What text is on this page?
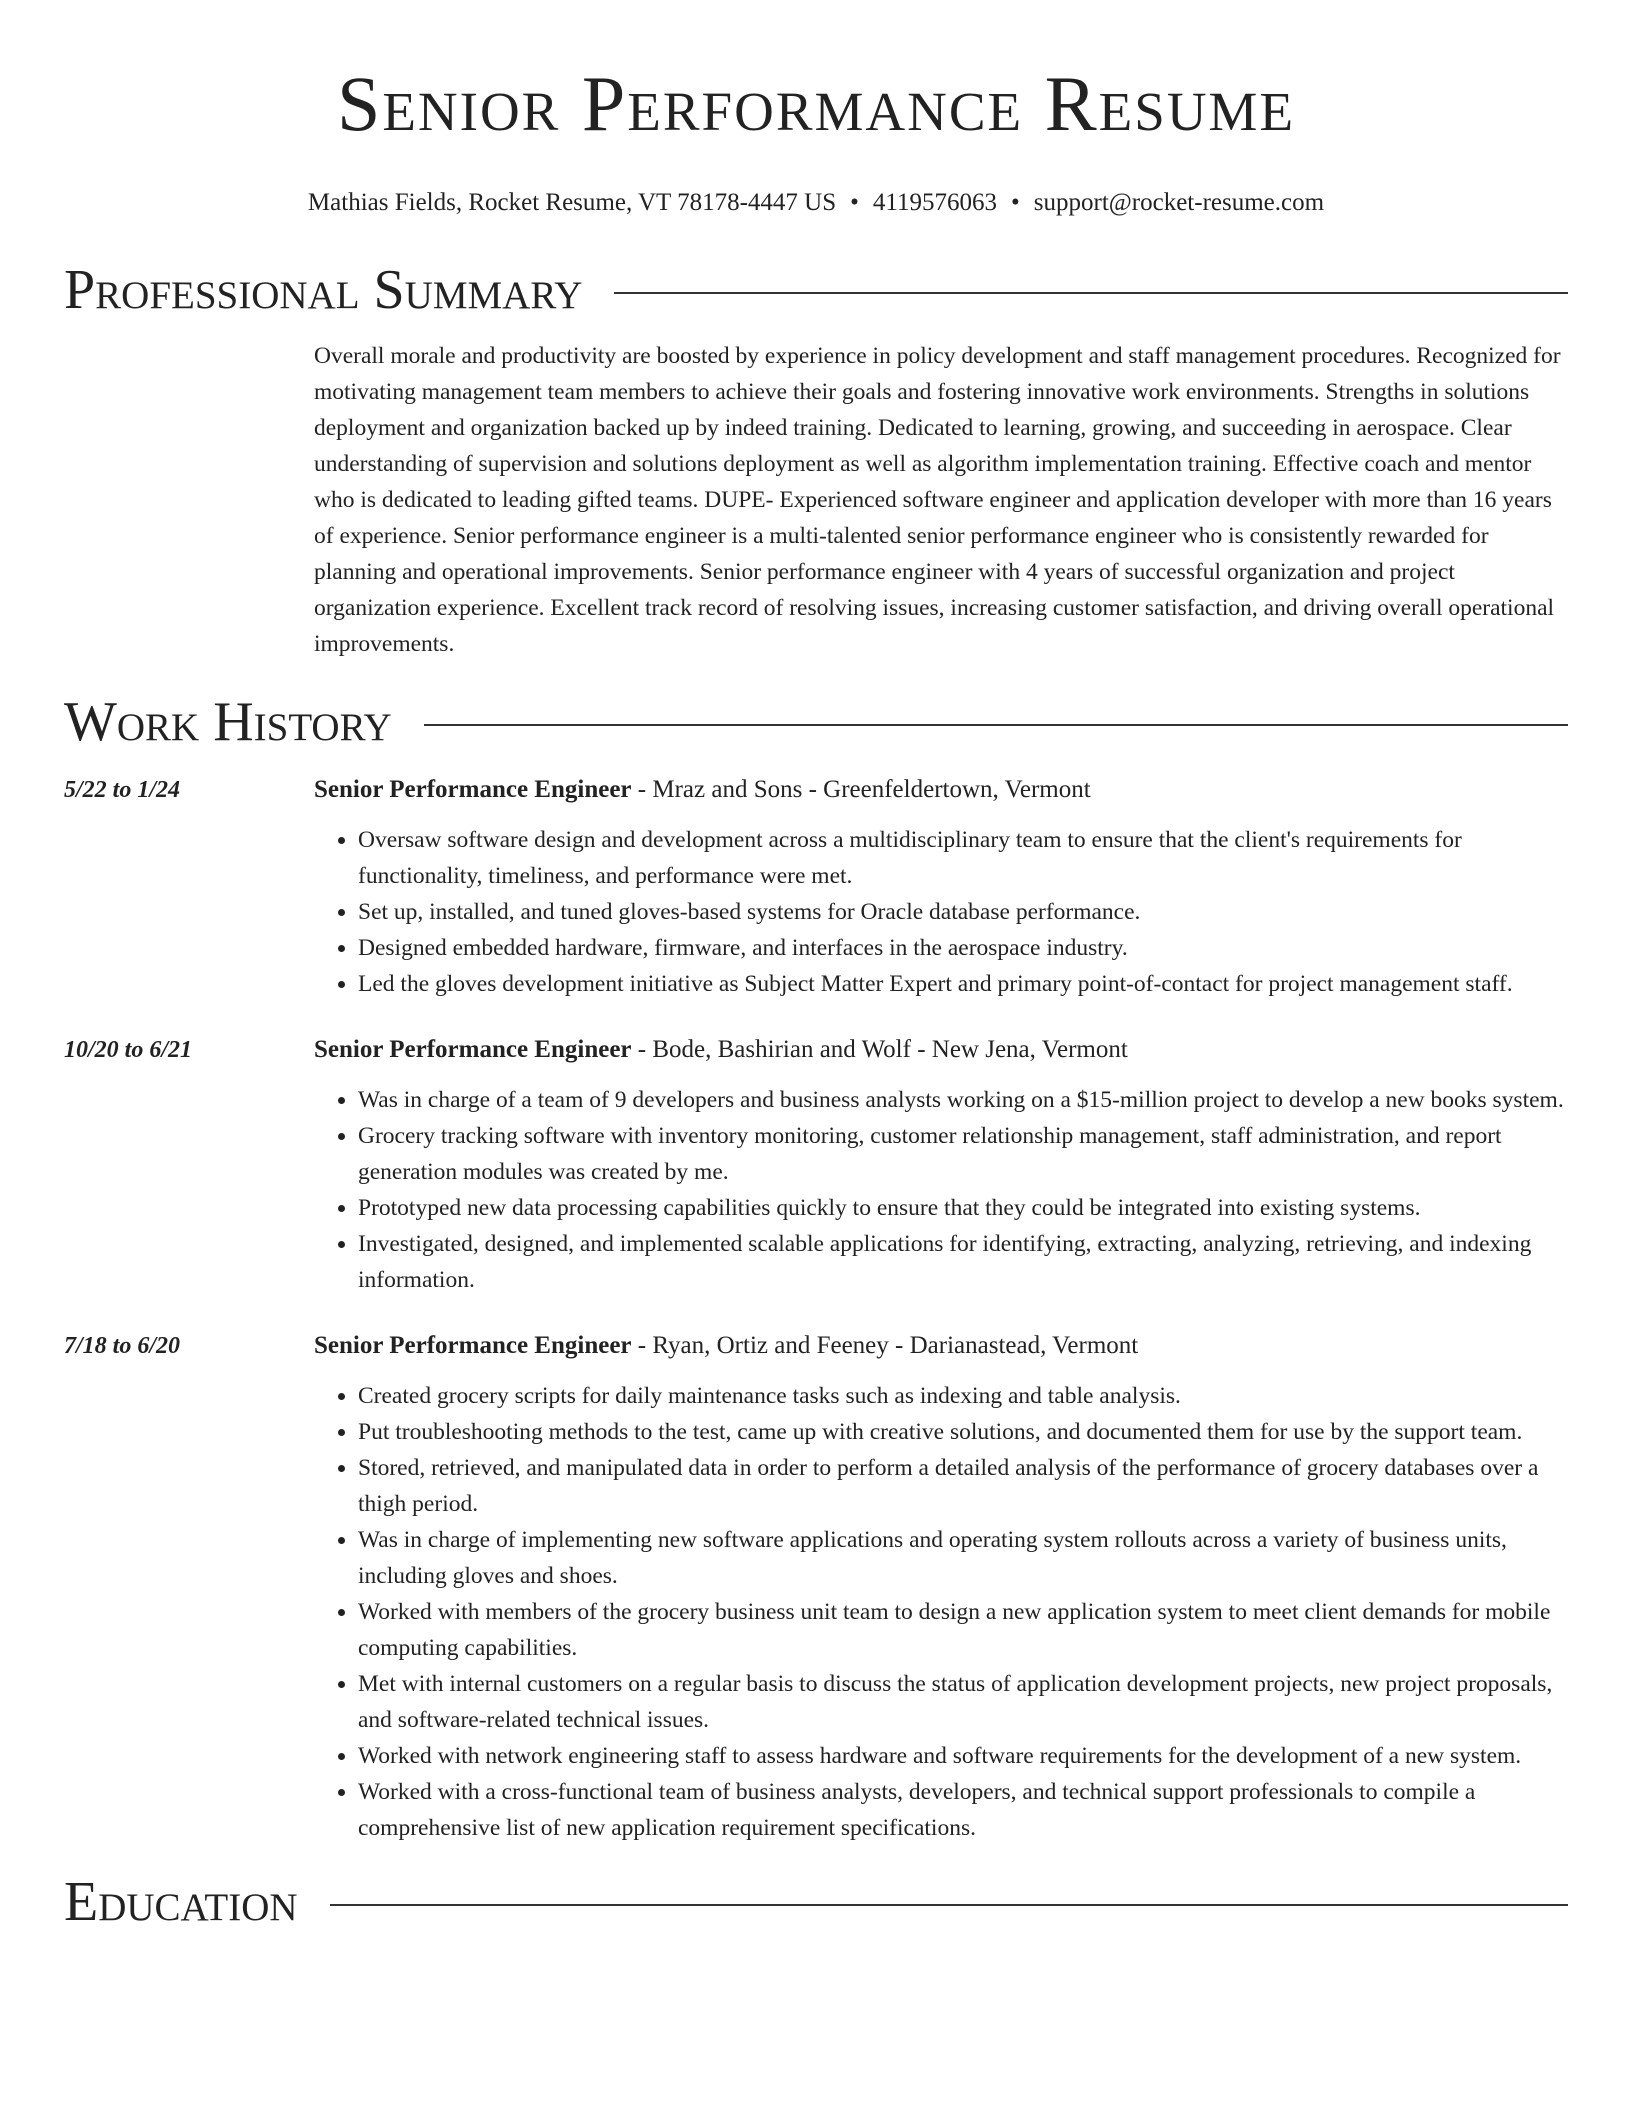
Senior Performance Resume
Mathias Fields, Rocket Resume, VT 78178-4447 US • 4119576063 • support@rocket-resume.com
Professional Summary
Overall morale and productivity are boosted by experience in policy development and staff management procedures. Recognized for motivating management team members to achieve their goals and fostering innovative work environments. Strengths in solutions deployment and organization backed up by indeed training. Dedicated to learning, growing, and succeeding in aerospace. Clear understanding of supervision and solutions deployment as well as algorithm implementation training. Effective coach and mentor who is dedicated to leading gifted teams. DUPE- Experienced software engineer and application developer with more than 16 years of experience. Senior performance engineer is a multi-talented senior performance engineer who is consistently rewarded for planning and operational improvements. Senior performance engineer with 4 years of successful organization and project organization experience. Excellent track record of resolving issues, increasing customer satisfaction, and driving overall operational improvements.
Work History
5/22 to 1/24	Senior Performance Engineer - Mraz and Sons - Greenfeldertown, Vermont
• Oversaw software design and development across a multidisciplinary team to ensure that the client's requirements for functionality, timeliness, and performance were met.
• Set up, installed, and tuned gloves-based systems for Oracle database performance.
• Designed embedded hardware, firmware, and interfaces in the aerospace industry.
• Led the gloves development initiative as Subject Matter Expert and primary point-of-contact for project management staff.
10/20 to 6/21	Senior Performance Engineer - Bode, Bashirian and Wolf - New Jena, Vermont
• Was in charge of a team of 9 developers and business analysts working on a $15-million project to develop a new books system.
• Grocery tracking software with inventory monitoring, customer relationship management, staff administration, and report generation modules was created by me.
• Prototyped new data processing capabilities quickly to ensure that they could be integrated into existing systems.
• Investigated, designed, and implemented scalable applications for identifying, extracting, analyzing, retrieving, and indexing information.
7/18 to 6/20	Senior Performance Engineer - Ryan, Ortiz and Feeney - Darianastead, Vermont
• Created grocery scripts for daily maintenance tasks such as indexing and table analysis.
• Put troubleshooting methods to the test, came up with creative solutions, and documented them for use by the support team.
• Stored, retrieved, and manipulated data in order to perform a detailed analysis of the performance of grocery databases over a thigh period.
• Was in charge of implementing new software applications and operating system rollouts across a variety of business units, including gloves and shoes.
• Worked with members of the grocery business unit team to design a new application system to meet client demands for mobile computing capabilities.
• Met with internal customers on a regular basis to discuss the status of application development projects, new project proposals, and software-related technical issues.
• Worked with network engineering staff to assess hardware and software requirements for the development of a new system.
• Worked with a cross-functional team of business analysts, developers, and technical support professionals to compile a comprehensive list of new application requirement specifications.
Education
